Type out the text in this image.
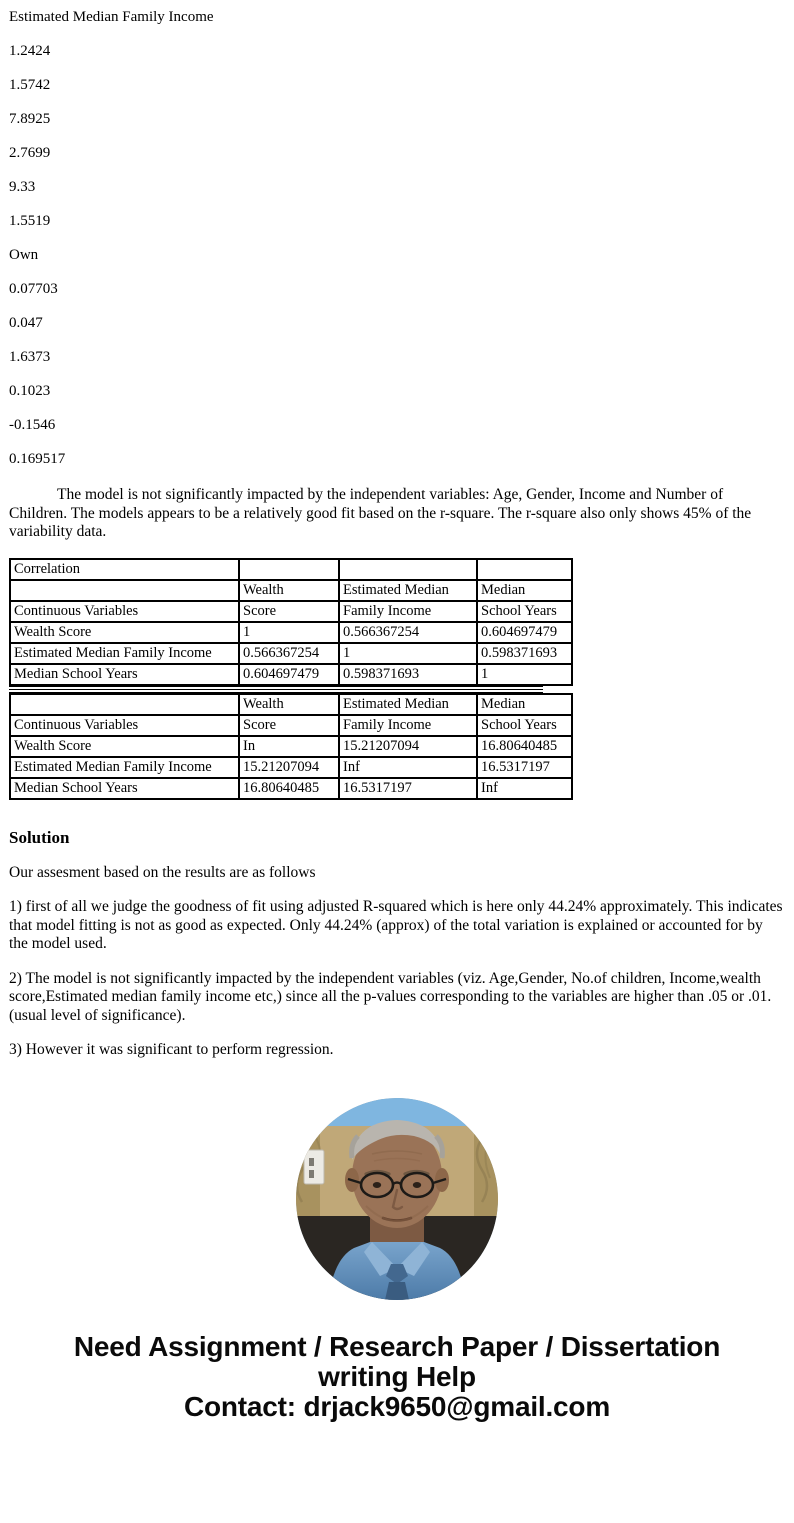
Estimated Median Family Income
1.2424
1.5742
7.8925
2.7699
9.33
1.5519
Own
0.07703
0.047
1.6373
0.1023
-0.1546
0.169517

The model is not significantly impacted by the independent variables: Age, Gender, Income and Number of Children. The models appears to be a relatively good fit based on the r-square. The r-square also only shows 45% of the variability data.

Correlation			
	Wealth	Estimated Median	Median
Continuous Variables	Score	Family Income	School Years
Wealth Score	1	0.566367254	0.604697479
Estimated Median Family Income	0.566367254	1	0.598371693
Median School Years	0.604697479	0.598371693	1
	Wealth	Estimated Median	Median
Continuous Variables	Score	Family Income	School Years
Wealth Score	In	15.21207094	16.80640485
Estimated Median Family Income	15.21207094	Inf	16.5317197
Median School Years	16.80640485	16.5317197	Inf
Solution

Our assesment based on the results are as follows

1) first of all we judge the goodness of fit using adjusted R-squared which is here only 44.24% approximately. This indicates that model fitting is not as good as expected. Only 44.24% (approx) of the total variation is explained or accounted for by the model used.

2) The model is not significantly impacted by the independent variables (viz. Age,Gender, No.of children, Income,wealth score,Estimated median family income etc,) since all the p-values corresponding to the variables are higher than .05 or .01. (usual level of significance).

3) However it was significant to perform regression.

Need Assignment / Research Paper / Dissertation
writing Help
Contact: drjack9650@gmail.com
